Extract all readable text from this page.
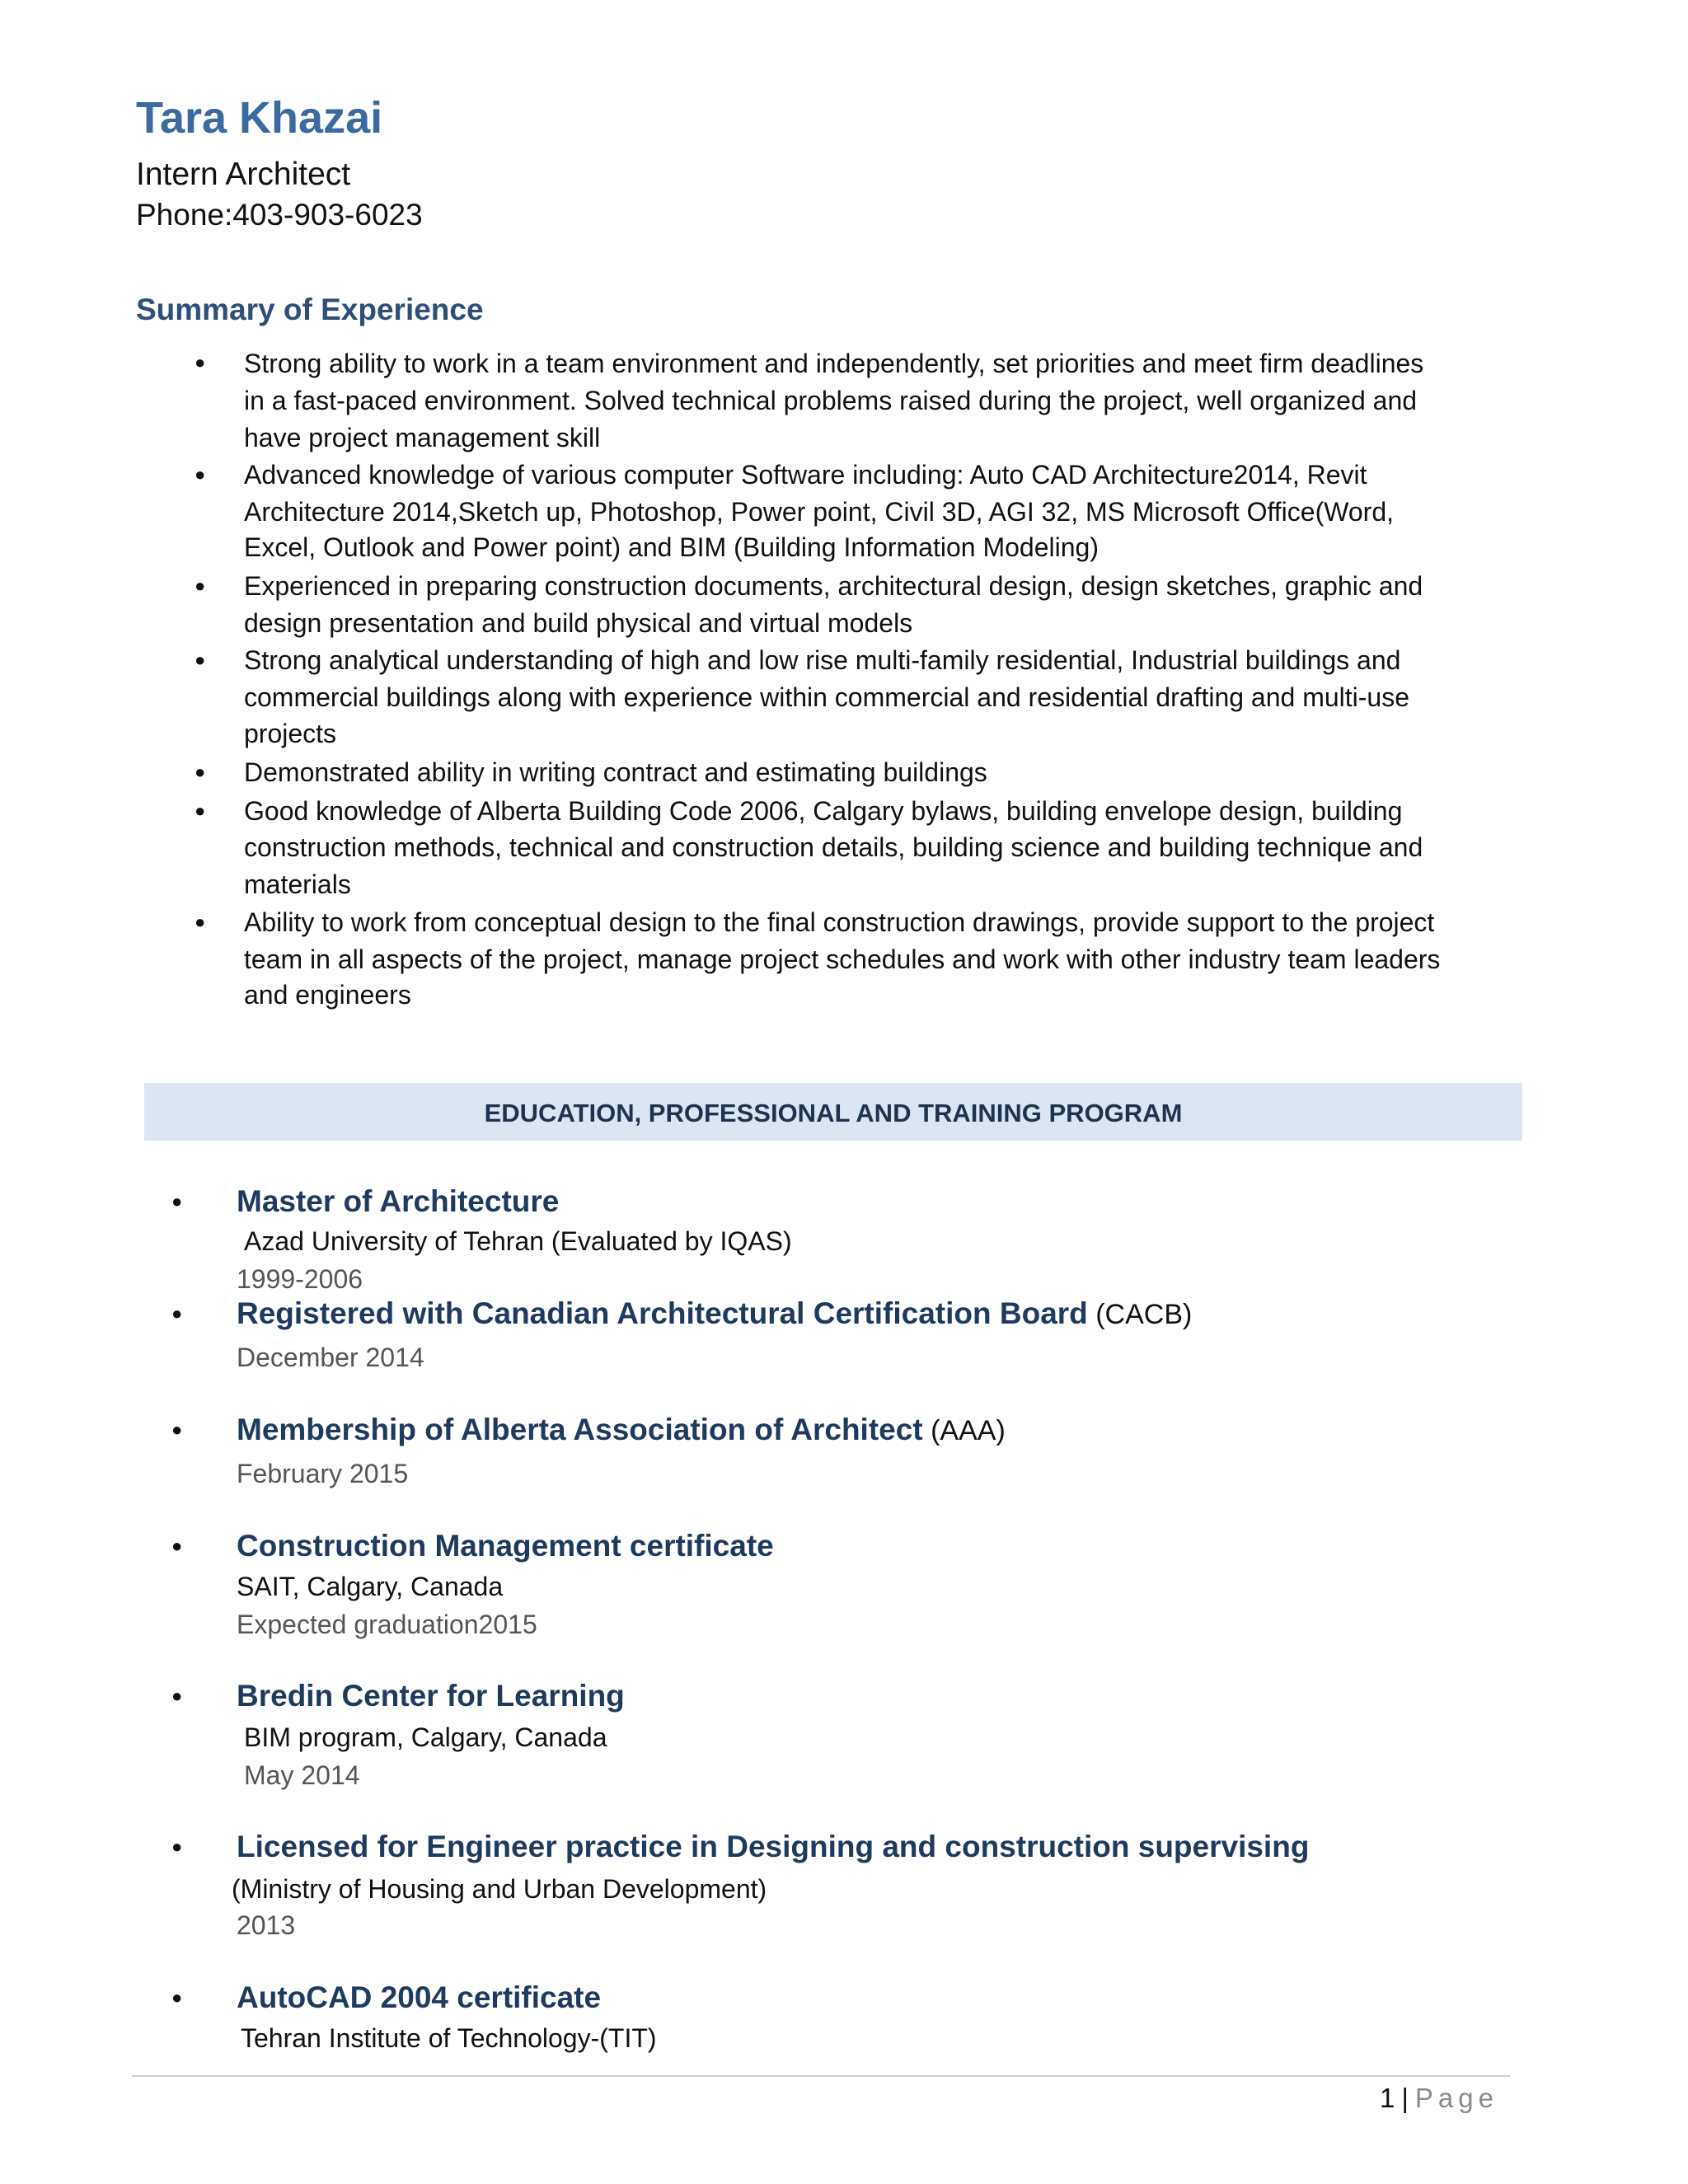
Tara Khazai
Intern Architect
Phone:403-903-6023
Summary of Experience
● Strong ability to work in a team environment and independently, set priorities and meet firm deadlines
in a fast-paced environment. Solved technical problems raised during the project, well organized and
have project management skill
● Advanced knowledge of various computer Software including: Auto CAD Architecture2014, Revit
Architecture 2014,Sketch up, Photoshop, Power point, Civil 3D, AGI 32, MS Microsoft Office(Word,
Excel, Outlook and Power point) and BIM (Building Information Modeling)
● Experienced in preparing construction documents, architectural design, design sketches, graphic and
design presentation and build physical and virtual models
● Strong analytical understanding of high and low rise multi-family residential, Industrial buildings and
commercial buildings along with experience within commercial and residential drafting and multi-use
projects
● Demonstrated ability in writing contract and estimating buildings
● Good knowledge of Alberta Building Code 2006, Calgary bylaws, building envelope design, building
construction methods, technical and construction details, building science and building technique and
materials
● Ability to work from conceptual design to the final construction drawings, provide support to the project
team in all aspects of the project, manage project schedules and work with other industry team leaders
and engineers
EDUCATION, PROFESSIONAL AND TRAINING PROGRAM
● Master of Architecture
Azad University of Tehran (Evaluated by IQAS)
1999-2006
● Registered with Canadian Architectural Certification Board (CACB)
December 2014
● Membership of Alberta Association of Architect (AAA)
February 2015
● Construction Management certificate
SAIT, Calgary, Canada
Expected graduation2015
● Bredin Center for Learning
BIM program, Calgary, Canada
May 2014
● Licensed for Engineer practice in Designing and construction supervising
(Ministry of Housing and Urban Development)
2013
● AutoCAD 2004 certificate
Tehran Institute of Technology-(TIT)
1 | Page
